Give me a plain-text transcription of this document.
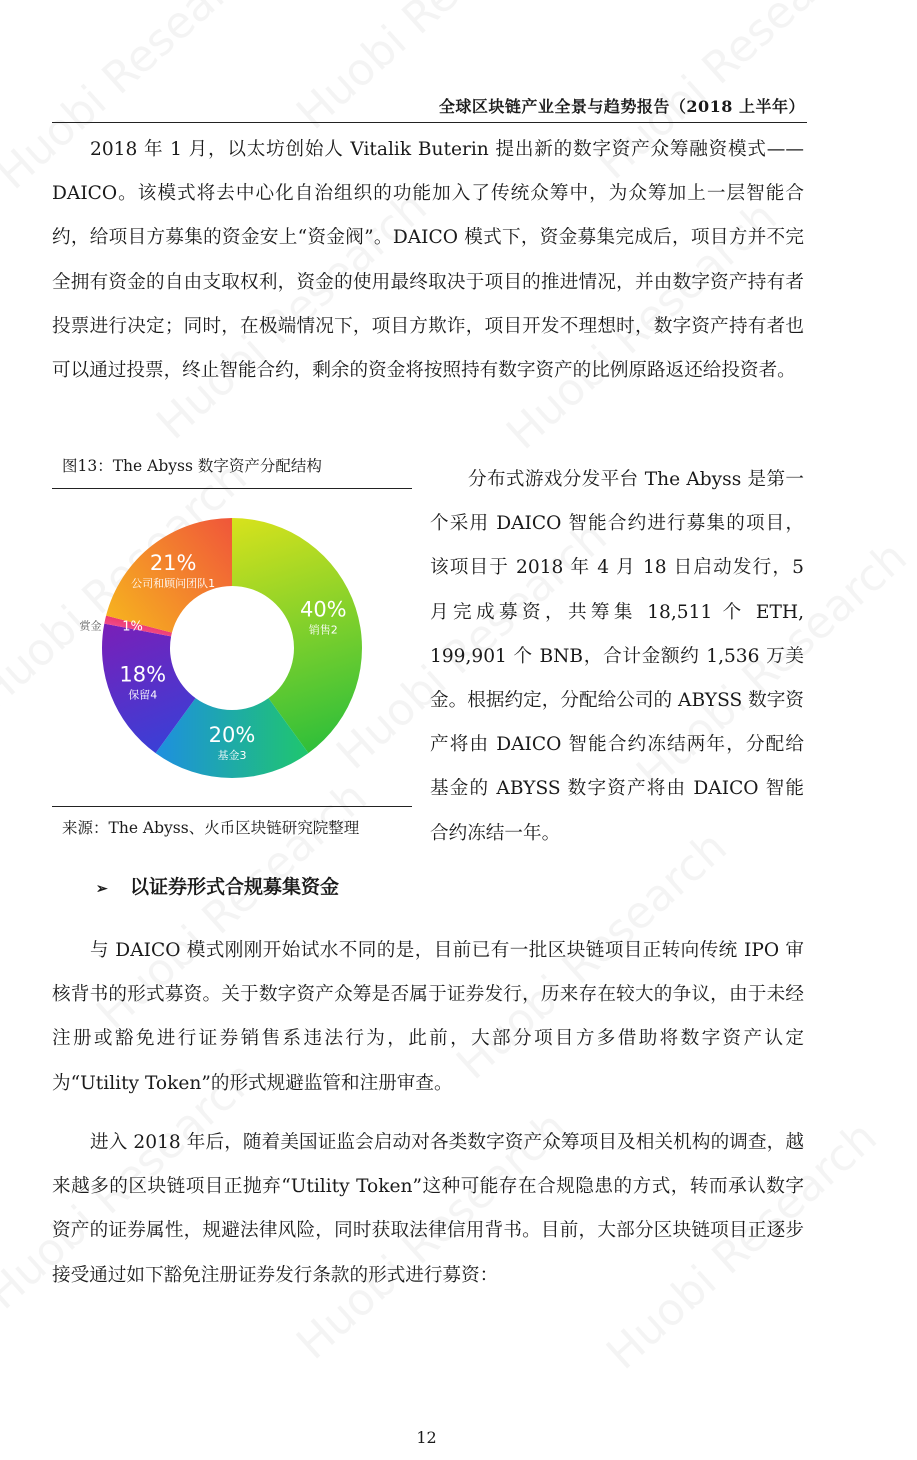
全球区块链产业全景与趋势报告（2018 上半年）

2018 年 1 月，以太坊创始人 Vitalik Buterin 提出新的数字资产众筹融资模式——DAICO。该模式将去中心化自治组织的功能加入了传统众筹中，为众筹加上一层智能合约，给项目方募集的资金安上“资金阀”。DAICO 模式下，资金募集完成后，项目方并不完全拥有资金的自由支取权利，资金的使用最终取决于项目的推进情况，并由数字资产持有者投票进行决定；同时，在极端情况下，项目方欺诈，项目开发不理想时，数字资产持有者也可以通过投票，终止智能合约，剩余的资金将按照持有数字资产的比例原路返还给投资者。

图13：The Abyss 数字资产分配结构
40%
销售2
20%
基金3
18%
保留4
1%
赏金
21%
公司和顾问团队1
来源：The Abyss、火币区块链研究院整理

分布式游戏分发平台 The Abyss 是第一个采用 DAICO 智能合约进行募集的项目，该项目于 2018 年 4 月 18 日启动发行，5 月完成募资，共筹集 18,511 个 ETH, 199,901 个 BNB，合计金额约 1,536 万美金。根据约定，分配给公司的 ABYSS 数字资产将由 DAICO 智能合约冻结两年，分配给基金的 ABYSS 数字资产将由 DAICO 智能合约冻结一年。

➢ 以证券形式合规募集资金

与 DAICO 模式刚刚开始试水不同的是，目前已有一批区块链项目正转向传统 IPO 审核背书的形式募资。关于数字资产众筹是否属于证券发行，历来存在较大的争议，由于未经注册或豁免进行证券销售系违法行为，此前，大部分项目方多借助将数字资产认定为“Utility Token”的形式规避监管和注册审查。

进入 2018 年后，随着美国证监会启动对各类数字资产众筹项目及相关机构的调查，越来越多的区块链项目正抛弃“Utility Token”这种可能存在合规隐患的方式，转而承认数字资产的证券属性，规避法律风险，同时获取法律信用背书。目前，大部分区块链项目正逐步接受通过如下豁免注册证券发行条款的形式进行募资：

12
